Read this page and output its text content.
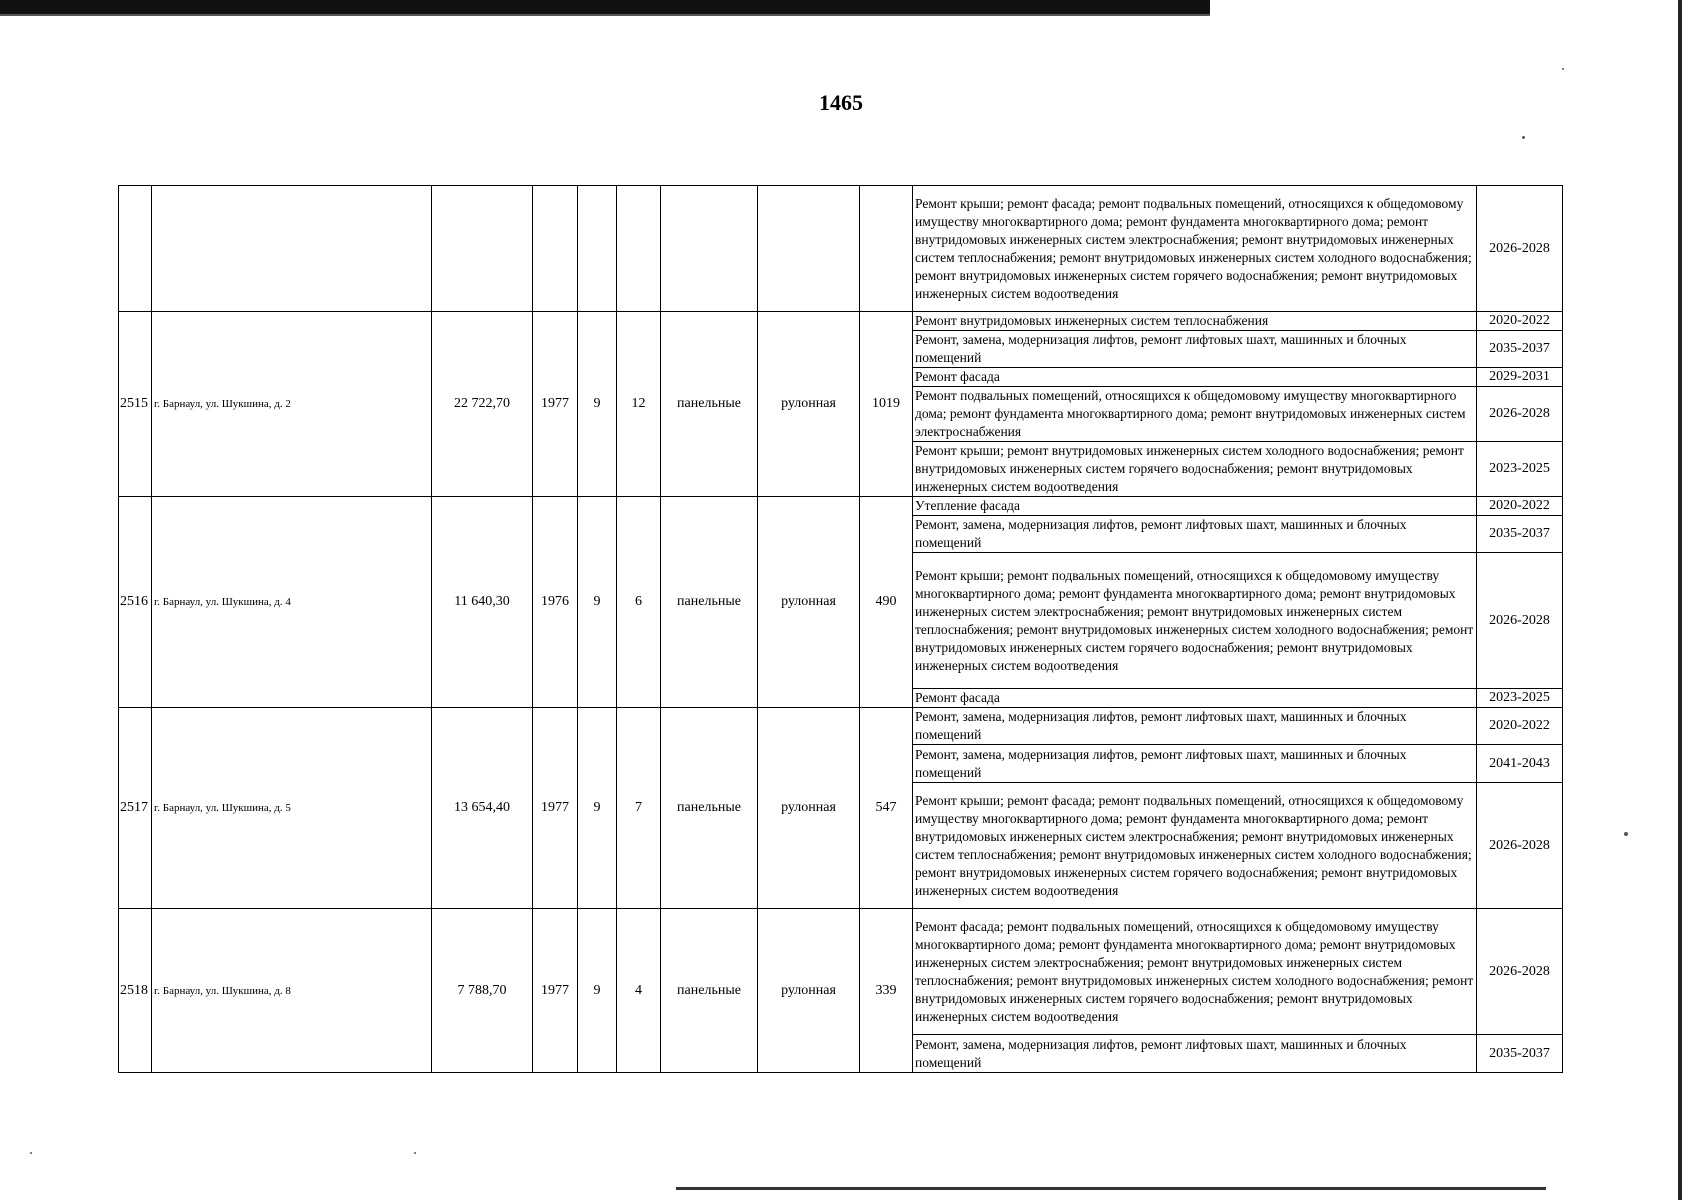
1465
									Ремонт крыши; ремонт фасада; ремонт подвальных помещений, относящихся к общедомовому имуществу многоквартирного дома; ремонт фундамента многоквартирного дома; ремонт внутридомовых инженерных систем электроснабжения; ремонт внутридомовых инженерных систем теплоснабжения; ремонт внутридомовых инженерных систем холодного водоснабжения; ремонт внутридомовых инженерных систем горячего водоснабжения; ремонт внутридомовых инженерных систем водоотведения	2026-2028
2515	г. Барнаул, ул. Шукшина, д. 2	22 722,70	1977	9	12	панельные	рулонная	1019	Ремонт внутридомовых инженерных систем теплоснабжения	2020-2022
									Ремонт, замена, модернизация лифтов, ремонт лифтовых шахт, машинных и блочных помещений	2035-2037
									Ремонт фасада	2029-2031
									Ремонт подвальных помещений, относящихся к общедомовому имуществу многоквартирного дома; ремонт фундамента многоквартирного дома; ремонт внутридомовых инженерных систем электроснабжения	2026-2028
									Ремонт крыши; ремонт внутридомовых инженерных систем холодного водоснабжения; ремонт внутридомовых инженерных систем горячего водоснабжения; ремонт внутридомовых инженерных систем водоотведения	2023-2025
2516	г. Барнаул, ул. Шукшина, д. 4	11 640,30	1976	9	6	панельные	рулонная	490	Утепление фасада	2020-2022
									Ремонт, замена, модернизация лифтов, ремонт лифтовых шахт, машинных и блочных помещений	2035-2037
									Ремонт крыши; ремонт подвальных помещений, относящихся к общедомовому имуществу многоквартирного дома; ремонт фундамента многоквартирного дома; ремонт внутридомовых инженерных систем электроснабжения; ремонт внутридомовых инженерных систем теплоснабжения; ремонт внутридомовых инженерных систем холодного водоснабжения; ремонт внутридомовых инженерных систем горячего водоснабжения; ремонт внутридомовых инженерных систем водоотведения	2026-2028
									Ремонт фасада	2023-2025
2517	г. Барнаул, ул. Шукшина, д. 5	13 654,40	1977	9	7	панельные	рулонная	547	Ремонт, замена, модернизация лифтов, ремонт лифтовых шахт, машинных и блочных помещений	2020-2022
									Ремонт, замена, модернизация лифтов, ремонт лифтовых шахт, машинных и блочных помещений	2041-2043
									Ремонт крыши; ремонт фасада; ремонт подвальных помещений, относящихся к общедомовому имуществу многоквартирного дома; ремонт фундамента многоквартирного дома; ремонт внутридомовых инженерных систем электроснабжения; ремонт внутридомовых инженерных систем теплоснабжения; ремонт внутридомовых инженерных систем холодного водоснабжения; ремонт внутридомовых инженерных систем горячего водоснабжения; ремонт внутридомовых инженерных систем водоотведения	2026-2028
2518	г. Барнаул, ул. Шукшина, д. 8	7 788,70	1977	9	4	панельные	рулонная	339	Ремонт фасада; ремонт подвальных помещений, относящихся к общедомовому имуществу многоквартирного дома; ремонт фундамента многоквартирного дома; ремонт внутридомовых инженерных систем электроснабжения; ремонт внутридомовых инженерных систем теплоснабжения; ремонт внутридомовых инженерных систем холодного водоснабжения; ремонт внутридомовых инженерных систем горячего водоснабжения; ремонт внутридомовых инженерных систем водоотведения	2026-2028
									Ремонт, замена, модернизация лифтов, ремонт лифтовых шахт, машинных и блочных помещений	2035-2037
